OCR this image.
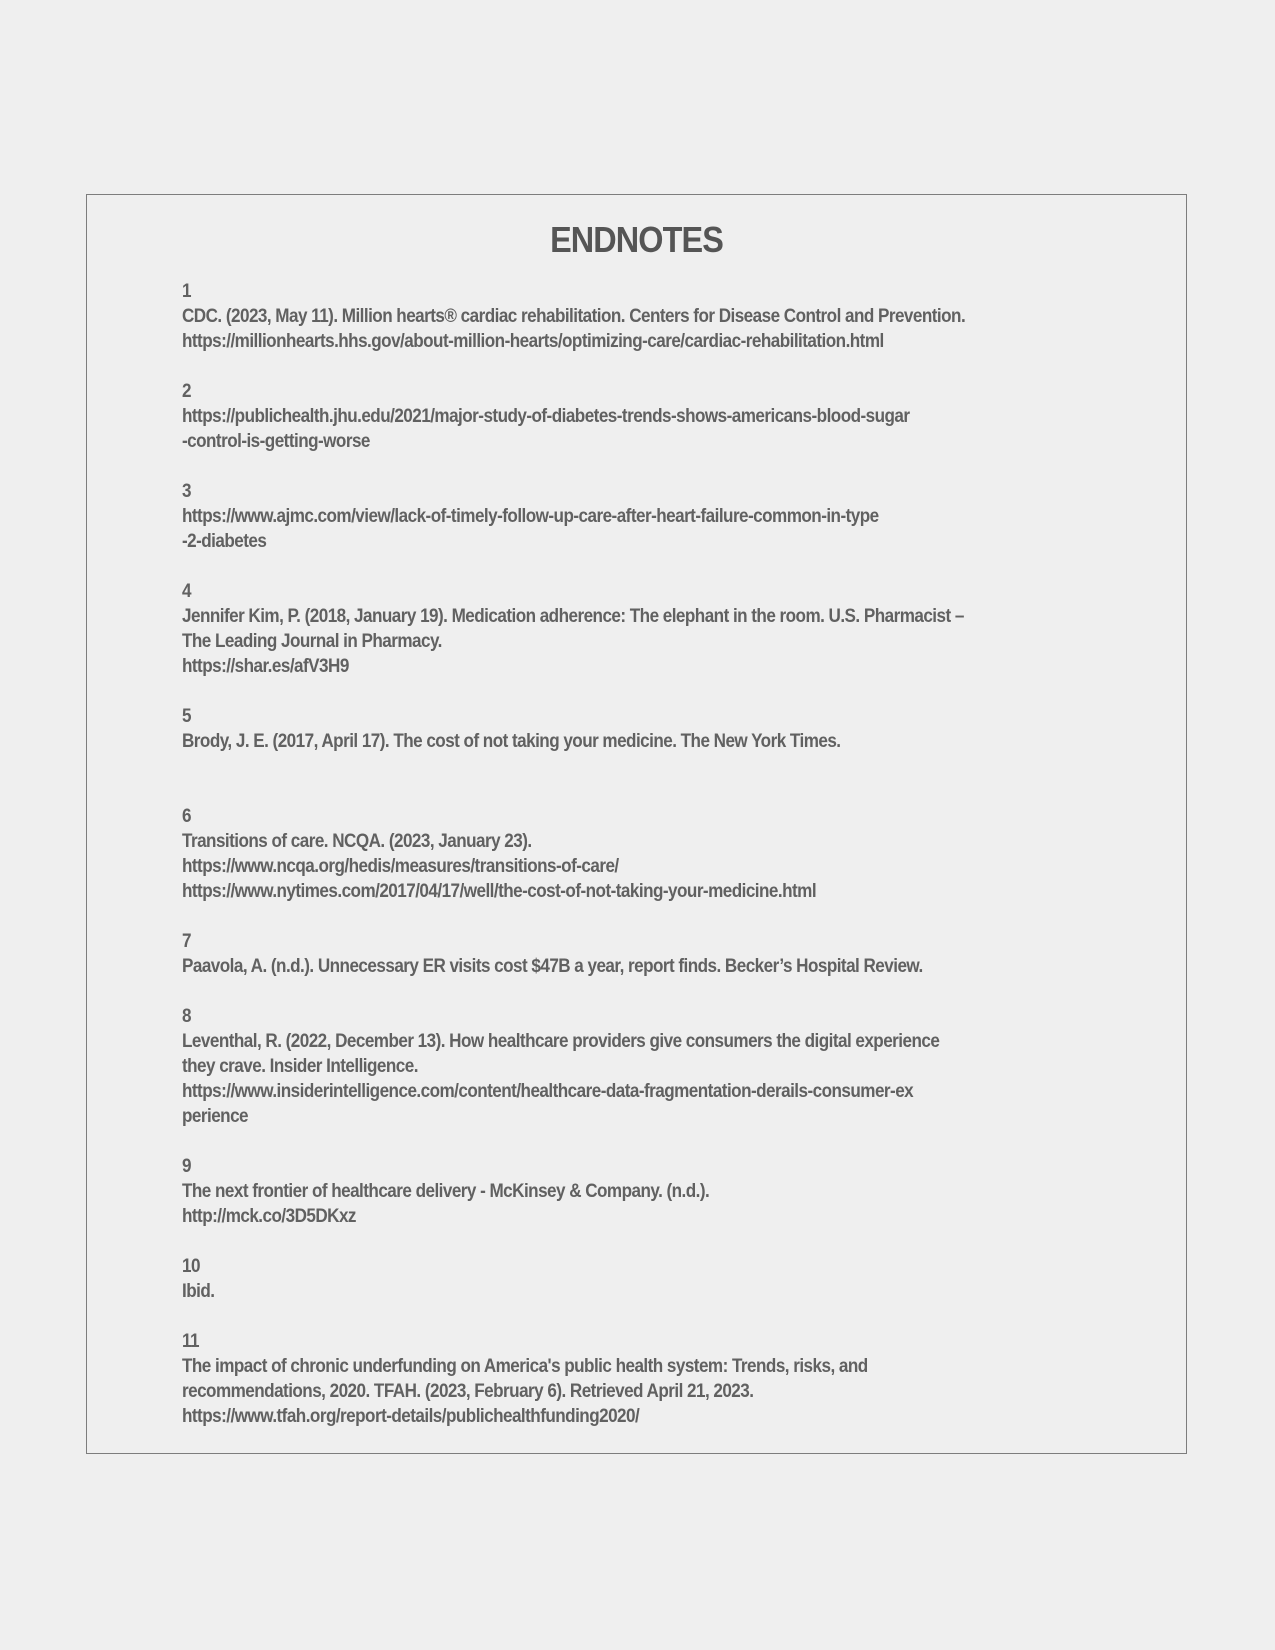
ENDNOTES
1
CDC. (2023, May 11). Million hearts® cardiac rehabilitation. Centers for Disease Control and Prevention.
https://millionhearts.hhs.gov/about-million-hearts/optimizing-care/cardiac-rehabilitation.html
2
https://publichealth.jhu.edu/2021/major-study-of-diabetes-trends-shows-americans-blood-sugar
-control-is-getting-worse
3
https://www.ajmc.com/view/lack-of-timely-follow-up-care-after-heart-failure-common-in-type
-2-diabetes
4
Jennifer Kim, P. (2018, January 19). Medication adherence: The elephant in the room. U.S. Pharmacist –
The Leading Journal in Pharmacy.
https://shar.es/afV3H9
5
Brody, J. E. (2017, April 17). The cost of not taking your medicine. The New York Times.
6
Transitions of care. NCQA. (2023, January 23).
https://www.ncqa.org/hedis/measures/transitions-of-care/
https://www.nytimes.com/2017/04/17/well/the-cost-of-not-taking-your-medicine.html
7
Paavola, A. (n.d.). Unnecessary ER visits cost $47B a year, report finds. Becker’s Hospital Review.
8
Leventhal, R. (2022, December 13). How healthcare providers give consumers the digital experience
they crave. Insider Intelligence.
https://www.insiderintelligence.com/content/healthcare-data-fragmentation-derails-consumer-ex
perience
9
The next frontier of healthcare delivery - McKinsey & Company. (n.d.).
http://mck.co/3D5DKxz
10
Ibid.
11
The impact of chronic underfunding on America's public health system: Trends, risks, and
recommendations, 2020. TFAH. (2023, February 6). Retrieved April 21, 2023.
https://www.tfah.org/report-details/publichealthfunding2020/
